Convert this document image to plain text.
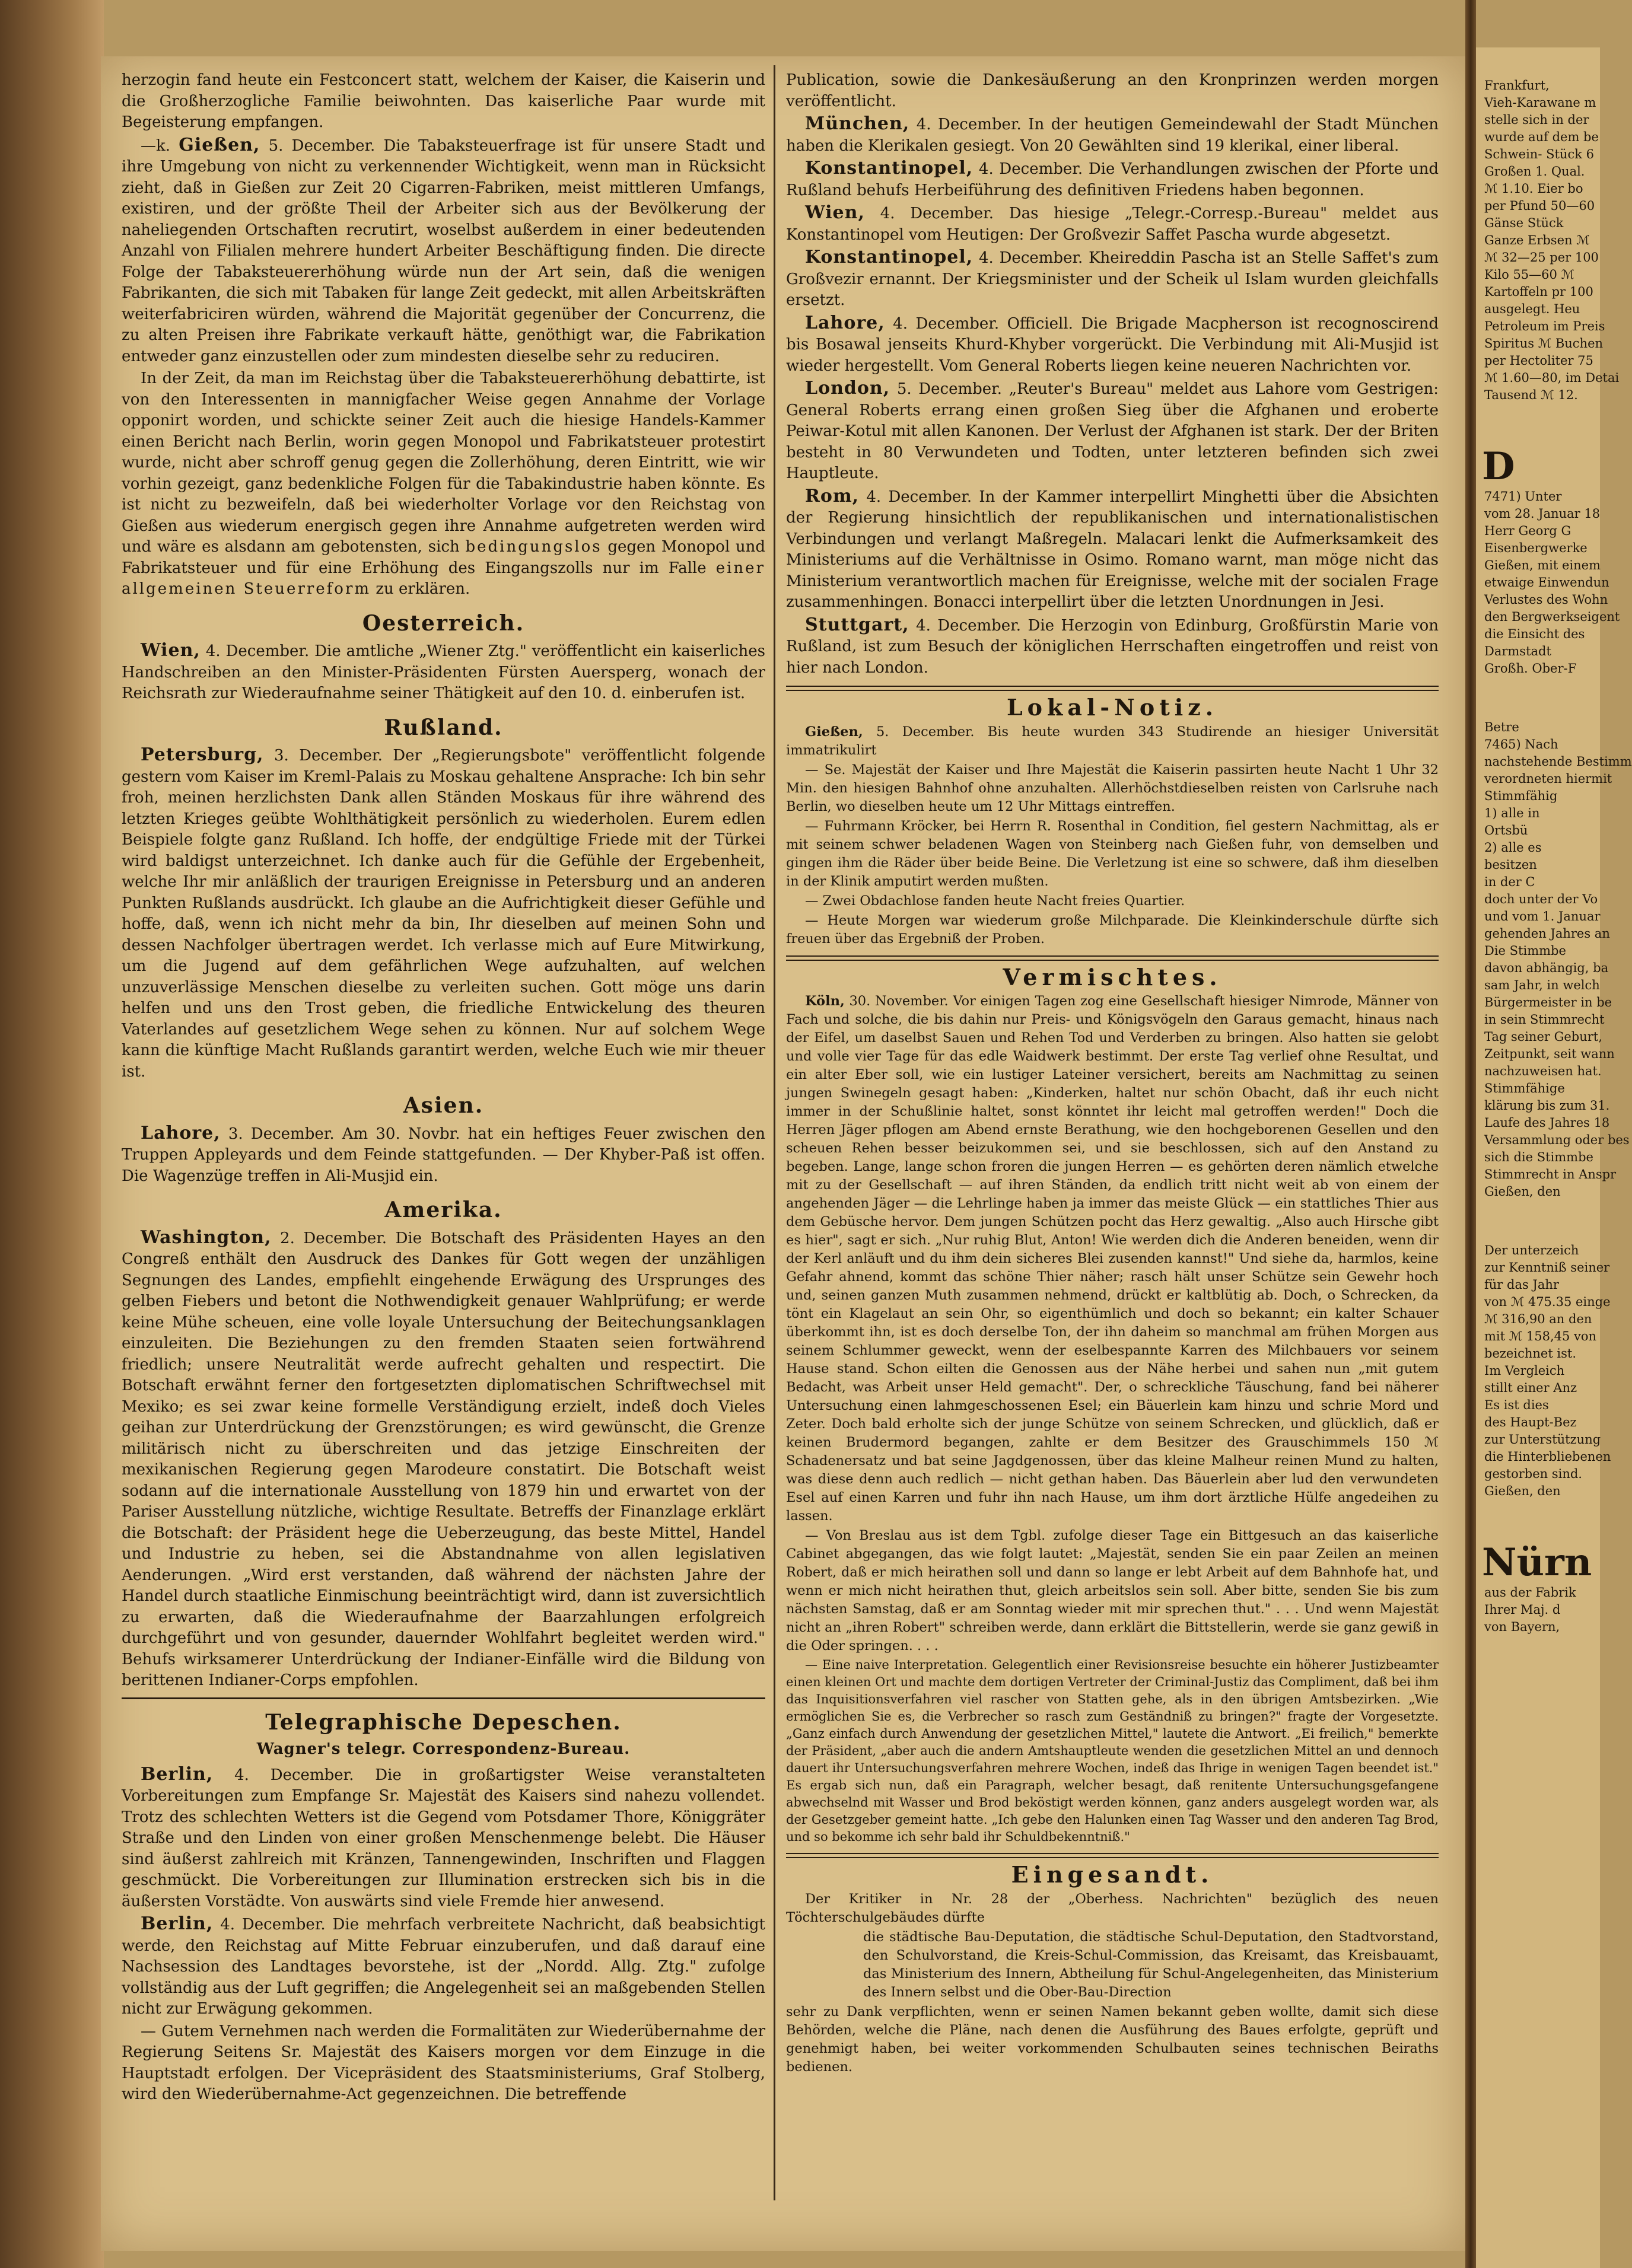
herzogin fand heute ein Festconcert statt, welchem der Kaiser, die Kaiserin und die Großherzogliche Familie beiwohnten. Das kaiserliche Paar wurde mit Begeisterung empfangen.

—k. Gießen, 5. December. Die Tabaksteuerfrage ist für unsere Stadt und ihre Umgebung von nicht zu verkennender Wichtigkeit, wenn man in Rücksicht zieht, daß in Gießen zur Zeit 20 Cigarren-Fabriken, meist mittleren Umfangs, existiren, und der größte Theil der Arbeiter sich aus der Bevölkerung der naheliegenden Ortschaften recrutirt, woselbst außerdem in einer bedeutenden Anzahl von Filialen mehrere hundert Arbeiter Beschäftigung finden. Die directe Folge der Tabaksteuererhöhung würde nun der Art sein, daß die wenigen Fabrikanten, die sich mit Tabaken für lange Zeit gedeckt, mit allen Arbeitskräften weiterfabriciren würden, während die Majorität gegenüber der Concurrenz, die zu alten Preisen ihre Fabrikate verkauft hätte, genöthigt war, die Fabrikation entweder ganz einzustellen oder zum mindesten dieselbe sehr zu reduciren.

In der Zeit, da man im Reichstag über die Tabaksteuererhöhung debattirte, ist von den Interessenten in mannigfacher Weise gegen Annahme der Vorlage opponirt worden, und schickte seiner Zeit auch die hiesige Handels-Kammer einen Bericht nach Berlin, worin gegen Monopol und Fabrikatsteuer protestirt wurde, nicht aber schroff genug gegen die Zollerhöhung, deren Eintritt, wie wir vorhin gezeigt, ganz bedenkliche Folgen für die Tabakindustrie haben könnte. Es ist nicht zu bezweifeln, daß bei wiederholter Vorlage vor den Reichstag von Gießen aus wiederum energisch gegen ihre Annahme aufgetreten werden wird und wäre es alsdann am gebotensten, sich bedingungslos gegen Monopol und Fabrikatsteuer und für eine Erhöhung des Eingangszolls nur im Falle einer allgemeinen Steuerreform zu erklären.

Oesterreich.

Wien, 4. December. Die amtliche „Wiener Ztg." veröffentlicht ein kaiserliches Handschreiben an den Minister-Präsidenten Fürsten Auersperg, wonach der Reichsrath zur Wiederaufnahme seiner Thätigkeit auf den 10. d. einberufen ist.

Rußland.

Petersburg, 3. December. Der „Regierungsbote" veröffentlicht folgende gestern vom Kaiser im Kreml-Palais zu Moskau gehaltene Ansprache: Ich bin sehr froh, meinen herzlichsten Dank allen Ständen Moskaus für ihre während des letzten Krieges geübte Wohlthätigkeit persönlich zu wiederholen. Eurem edlen Beispiele folgte ganz Rußland. Ich hoffe, der endgültige Friede mit der Türkei wird baldigst unterzeichnet. Ich danke auch für die Gefühle der Ergebenheit, welche Ihr mir anläßlich der traurigen Ereignisse in Petersburg und an anderen Punkten Rußlands ausdrückt. Ich glaube an die Aufrichtigkeit dieser Gefühle und hoffe, daß, wenn ich nicht mehr da bin, Ihr dieselben auf meinen Sohn und dessen Nachfolger übertragen werdet. Ich verlasse mich auf Eure Mitwirkung, um die Jugend auf dem gefährlichen Wege aufzuhalten, auf welchen unzuverlässige Menschen dieselbe zu verleiten suchen. Gott möge uns darin helfen und uns den Trost geben, die friedliche Entwickelung des theuren Vaterlandes auf gesetzlichem Wege sehen zu können. Nur auf solchem Wege kann die künftige Macht Rußlands garantirt werden, welche Euch wie mir theuer ist.

Asien.

Lahore, 3. December. Am 30. Novbr. hat ein heftiges Feuer zwischen den Truppen Appleyards und dem Feinde stattgefunden. — Der Khyber-Paß ist offen. Die Wagenzüge treffen in Ali-Musjid ein.

Amerika.

Washington, 2. December. Die Botschaft des Präsidenten Hayes an den Congreß enthält den Ausdruck des Dankes für Gott wegen der unzähligen Segnungen des Landes, empfiehlt eingehende Erwägung des Ursprunges des gelben Fiebers und betont die Nothwendigkeit genauer Wahlprüfung; er werde keine Mühe scheuen, eine volle loyale Untersuchung der Beitechungsanklagen einzuleiten. Die Beziehungen zu den fremden Staaten seien fortwährend friedlich; unsere Neutralität werde aufrecht gehalten und respectirt. Die Botschaft erwähnt ferner den fortgesetzten diplomatischen Schriftwechsel mit Mexiko; es sei zwar keine formelle Verständigung erzielt, indeß doch Vieles geihan zur Unterdrückung der Grenzstörungen; es wird gewünscht, die Grenze militärisch nicht zu überschreiten und das jetzige Einschreiten der mexikanischen Regierung gegen Marodeure constatirt. Die Botschaft weist sodann auf die internationale Ausstellung von 1879 hin und erwartet von der Pariser Ausstellung nützliche, wichtige Resultate. Betreffs der Finanzlage erklärt die Botschaft: der Präsident hege die Ueberzeugung, das beste Mittel, Handel und Industrie zu heben, sei die Abstandnahme von allen legislativen Aenderungen. „Wird erst verstanden, daß während der nächsten Jahre der Handel durch staatliche Einmischung beeinträchtigt wird, dann ist zuversichtlich zu erwarten, daß die Wiederaufnahme der Baarzahlungen erfolgreich durchgeführt und von gesunder, dauernder Wohlfahrt begleitet werden wird." Behufs wirksamerer Unterdrückung der Indianer-Einfälle wird die Bildung von berittenen Indianer-Corps empfohlen.

Telegraphische Depeschen.
Wagner's telegr. Correspondenz-Bureau.

Berlin, 4. December. Die in großartigster Weise veranstalteten Vorbereitungen zum Empfange Sr. Majestät des Kaisers sind nahezu vollendet. Trotz des schlechten Wetters ist die Gegend vom Potsdamer Thore, Königgräter Straße und den Linden von einer großen Menschenmenge belebt. Die Häuser sind äußerst zahlreich mit Kränzen, Tannengewinden, Inschriften und Flaggen geschmückt. Die Vorbereitungen zur Illumination erstrecken sich bis in die äußersten Vorstädte. Von auswärts sind viele Fremde hier anwesend.

Berlin, 4. December. Die mehrfach verbreitete Nachricht, daß beabsichtigt werde, den Reichstag auf Mitte Februar einzuberufen, und daß darauf eine Nachsession des Landtages bevorstehe, ist der „Nordd. Allg. Ztg." zufolge vollständig aus der Luft gegriffen; die Angelegenheit sei an maßgebenden Stellen nicht zur Erwägung gekommen.

— Gutem Vernehmen nach werden die Formalitäten zur Wiederübernahme der Regierung Seitens Sr. Majestät des Kaisers morgen vor dem Einzuge in die Hauptstadt erfolgen. Der Vicepräsident des Staatsministeriums, Graf Stolberg, wird den Wiederübernahme-Act gegenzeichnen. Die betreffende

Publication, sowie die Dankesäußerung an den Kronprinzen werden morgen veröffentlicht.

München, 4. December. In der heutigen Gemeindewahl der Stadt München haben die Klerikalen gesiegt. Von 20 Gewählten sind 19 klerikal, einer liberal.

Konstantinopel, 4. December. Die Verhandlungen zwischen der Pforte und Rußland behufs Herbeiführung des definitiven Friedens haben begonnen.

Wien, 4. December. Das hiesige „Telegr.-Corresp.-Bureau" meldet aus Konstantinopel vom Heutigen: Der Großvezir Saffet Pascha wurde abgesetzt.

Konstantinopel, 4. December. Kheireddin Pascha ist an Stelle Saffet's zum Großvezir ernannt. Der Kriegsminister und der Scheik ul Islam wurden gleichfalls ersetzt.

Lahore, 4. December. Officiell. Die Brigade Macpherson ist recognoscirend bis Bosawal jenseits Khurd-Khyber vorgerückt. Die Verbindung mit Ali-Musjid ist wieder hergestellt. Vom General Roberts liegen keine neueren Nachrichten vor.

London, 5. December. „Reuter's Bureau" meldet aus Lahore vom Gestrigen: General Roberts errang einen großen Sieg über die Afghanen und eroberte Peiwar-Kotul mit allen Kanonen. Der Verlust der Afghanen ist stark. Der der Briten besteht in 80 Verwundeten und Todten, unter letzteren befinden sich zwei Hauptleute.

Rom, 4. December. In der Kammer interpellirt Minghetti über die Absichten der Regierung hinsichtlich der republikanischen und internationalistischen Verbindungen und verlangt Maßregeln. Malacari lenkt die Aufmerksamkeit des Ministeriums auf die Verhältnisse in Osimo. Romano warnt, man möge nicht das Ministerium verantwortlich machen für Ereignisse, welche mit der socialen Frage zusammenhingen. Bonacci interpellirt über die letzten Unordnungen in Jesi.

Stuttgart, 4. December. Die Herzogin von Edinburg, Großfürstin Marie von Rußland, ist zum Besuch der königlichen Herrschaften eingetroffen und reist von hier nach London.

Lokal-Notiz.

Gießen, 5. December. Bis heute wurden 343 Studirende an hiesiger Universität immatrikulirt

— Se. Majestät der Kaiser und Ihre Majestät die Kaiserin passirten heute Nacht 1 Uhr 32 Min. den hiesigen Bahnhof ohne anzuhalten. Allerhöchstdieselben reisten von Carlsruhe nach Berlin, wo dieselben heute um 12 Uhr Mittags eintreffen.

— Fuhrmann Kröcker, bei Herrn R. Rosenthal in Condition, fiel gestern Nachmittag, als er mit seinem schwer beladenen Wagen von Steinberg nach Gießen fuhr, von demselben und gingen ihm die Räder über beide Beine. Die Verletzung ist eine so schwere, daß ihm dieselben in der Klinik amputirt werden mußten.

— Zwei Obdachlose fanden heute Nacht freies Quartier.

— Heute Morgen war wiederum große Milchparade. Die Kleinkinderschule dürfte sich freuen über das Ergebniß der Proben.

Vermischtes.

Köln, 30. November. Vor einigen Tagen zog eine Gesellschaft hiesiger Nimrode, Männer von Fach und solche, die bis dahin nur Preis- und Königsvögeln den Garaus gemacht, hinaus nach der Eifel, um daselbst Sauen und Rehen Tod und Verderben zu bringen. Also hatten sie gelobt und volle vier Tage für das edle Waidwerk bestimmt. Der erste Tag verlief ohne Resultat, und ein alter Eber soll, wie ein lustiger Lateiner versichert, bereits am Nachmittag zu seinen jungen Swinegeln gesagt haben: „Kinderken, haltet nur schön Obacht, daß ihr euch nicht immer in der Schußlinie haltet, sonst könntet ihr leicht mal getroffen werden!" Doch die Herren Jäger pflogen am Abend ernste Berathung, wie den hochgeborenen Gesellen und den scheuen Rehen besser beizukommen sei, und sie beschlossen, sich auf den Anstand zu begeben. Lange, lange schon froren die jungen Herren — es gehörten deren nämlich etwelche mit zu der Gesellschaft — auf ihren Ständen, da endlich tritt nicht weit ab von einem der angehenden Jäger — die Lehrlinge haben ja immer das meiste Glück — ein stattliches Thier aus dem Gebüsche hervor. Dem jungen Schützen pocht das Herz gewaltig. „Also auch Hirsche gibt es hier", sagt er sich. „Nur ruhig Blut, Anton! Wie werden dich die Anderen beneiden, wenn dir der Kerl anläuft und du ihm dein sicheres Blei zusenden kannst!" Und siehe da, harmlos, keine Gefahr ahnend, kommt das schöne Thier näher; rasch hält unser Schütze sein Gewehr hoch und, seinen ganzen Muth zusammen nehmend, drückt er kaltblütig ab. Doch, o Schrecken, da tönt ein Klagelaut an sein Ohr, so eigenthümlich und doch so bekannt; ein kalter Schauer überkommt ihn, ist es doch derselbe Ton, der ihn daheim so manchmal am frühen Morgen aus seinem Schlummer geweckt, wenn der eselbespannte Karren des Milchbauers vor seinem Hause stand. Schon eilten die Genossen aus der Nähe herbei und sahen nun „mit gutem Bedacht, was Arbeit unser Held gemacht". Der, o schreckliche Täuschung, fand bei näherer Untersuchung einen lahmgeschossenen Esel; ein Bäuerlein kam hinzu und schrie Mord und Zeter. Doch bald erholte sich der junge Schütze von seinem Schrecken, und glücklich, daß er keinen Brudermord begangen, zahlte er dem Besitzer des Grauschimmels 150 ℳ Schadenersatz und bat seine Jagdgenossen, über das kleine Malheur reinen Mund zu halten, was diese denn auch redlich — nicht gethan haben. Das Bäuerlein aber lud den verwundeten Esel auf einen Karren und fuhr ihn nach Hause, um ihm dort ärztliche Hülfe angedeihen zu lassen.

— Von Breslau aus ist dem Tgbl. zufolge dieser Tage ein Bittgesuch an das kaiserliche Cabinet abgegangen, das wie folgt lautet: „Majestät, senden Sie ein paar Zeilen an meinen Robert, daß er mich heirathen soll und dann so lange er lebt Arbeit auf dem Bahnhofe hat, und wenn er mich nicht heirathen thut, gleich arbeitslos sein soll. Aber bitte, senden Sie bis zum nächsten Samstag, daß er am Sonntag wieder mit mir sprechen thut." . . . Und wenn Majestät nicht an „ihren Robert" schreiben werde, dann erklärt die Bittstellerin, werde sie ganz gewiß in die Oder springen. . . .

— Eine naive Interpretation. Gelegentlich einer Revisionsreise besuchte ein höherer Justizbeamter einen kleinen Ort und machte dem dortigen Vertreter der Criminal-Justiz das Compliment, daß bei ihm das Inquisitionsverfahren viel rascher von Statten gehe, als in den übrigen Amtsbezirken. „Wie ermöglichen Sie es, die Verbrecher so rasch zum Geständniß zu bringen?" fragte der Vorgesetzte. „Ganz einfach durch Anwendung der gesetzlichen Mittel," lautete die Antwort. „Ei freilich," bemerkte der Präsident, „aber auch die andern Amtshauptleute wenden die gesetzlichen Mittel an und dennoch dauert ihr Untersuchungsverfahren mehrere Wochen, indeß das Ihrige in wenigen Tagen beendet ist." Es ergab sich nun, daß ein Paragraph, welcher besagt, daß renitente Untersuchungsgefangene abwechselnd mit Wasser und Brod beköstigt werden können, ganz anders ausgelegt worden war, als der Gesetzgeber gemeint hatte. „Ich gebe den Halunken einen Tag Wasser und den anderen Tag Brod, und so bekomme ich sehr bald ihr Schuldbekenntniß."

Eingesandt.

Der Kritiker in Nr. 28 der „Oberhess. Nachrichten" bezüglich des neuen Töchterschulgebäudes dürfte

die städtische Bau-Deputation, die städtische Schul-Deputation, den Stadtvorstand, den Schulvorstand, die Kreis-Schul-Commission, das Kreisamt, das Kreisbauamt, das Ministerium des Innern, Abtheilung für Schul-Angelegenheiten, das Ministerium des Innern selbst und die Ober-Bau-Direction

sehr zu Dank verpflichten, wenn er seinen Namen bekannt geben wollte, damit sich diese Behörden, welche die Pläne, nach denen die Ausführung des Baues erfolgte, geprüft und genehmigt haben, bei weiter vorkommenden Schulbauten seines technischen Beiraths bedienen.

Frankfurt,
Vieh-Karawane m
stelle sich in der
wurde auf dem be
Schwein- Stück 6
Großen 1. Qual.
ℳ 1.10. Eier bo
per Pfund 50—60
Gänse Stück
Ganze Erbsen ℳ
ℳ 32—25 per 100
Kilo 55—60 ℳ
Kartoffeln pr 100
ausgelegt. Heu
Petroleum im Preis
Spiritus ℳ Buchen
per Hectoliter 75
ℳ 1.60—80, im Detai
Tausend ℳ 12.
D
7471) Unter
vom 28. Januar 18
Herr Georg G
Eisenbergwerke
Gießen, mit einem
etwaige Einwendun
Verlustes des Wohn
den Bergwerkseigent
die Einsicht des
Darmstadt
Großh. Ober-F
Betre
7465) Nach
nachstehende Bestimm
verordneten hiermit
Stimmfähig
1) alle in
Ortsbü
2) alle es
besitzen
in der C
doch unter der Vo
und vom 1. Januar
gehenden Jahres an
Die Stimmbe
davon abhängig, ba
sam Jahr, in welch
Bürgermeister in be
in sein Stimmrecht
Tag seiner Geburt,
Zeitpunkt, seit wann
nachzuweisen hat.
Stimmfähige
klärung bis zum 31.
Laufe des Jahres 18
Versammlung oder bes
sich die Stimmbe
Stimmrecht in Anspr
Gießen, den
Der unterzeich
zur Kenntniß seiner
für das Jahr
von ℳ 475.35 einge
ℳ 316,90 an den
mit ℳ 158,45 von
bezeichnet ist.
Im Vergleich
stillt einer Anz
Es ist dies
des Haupt-Bez
zur Unterstützung
die Hinterbliebenen
gestorben sind.
Gießen, den
Nürn
aus der Fabrik
Ihrer Maj. d
von Bayern,
